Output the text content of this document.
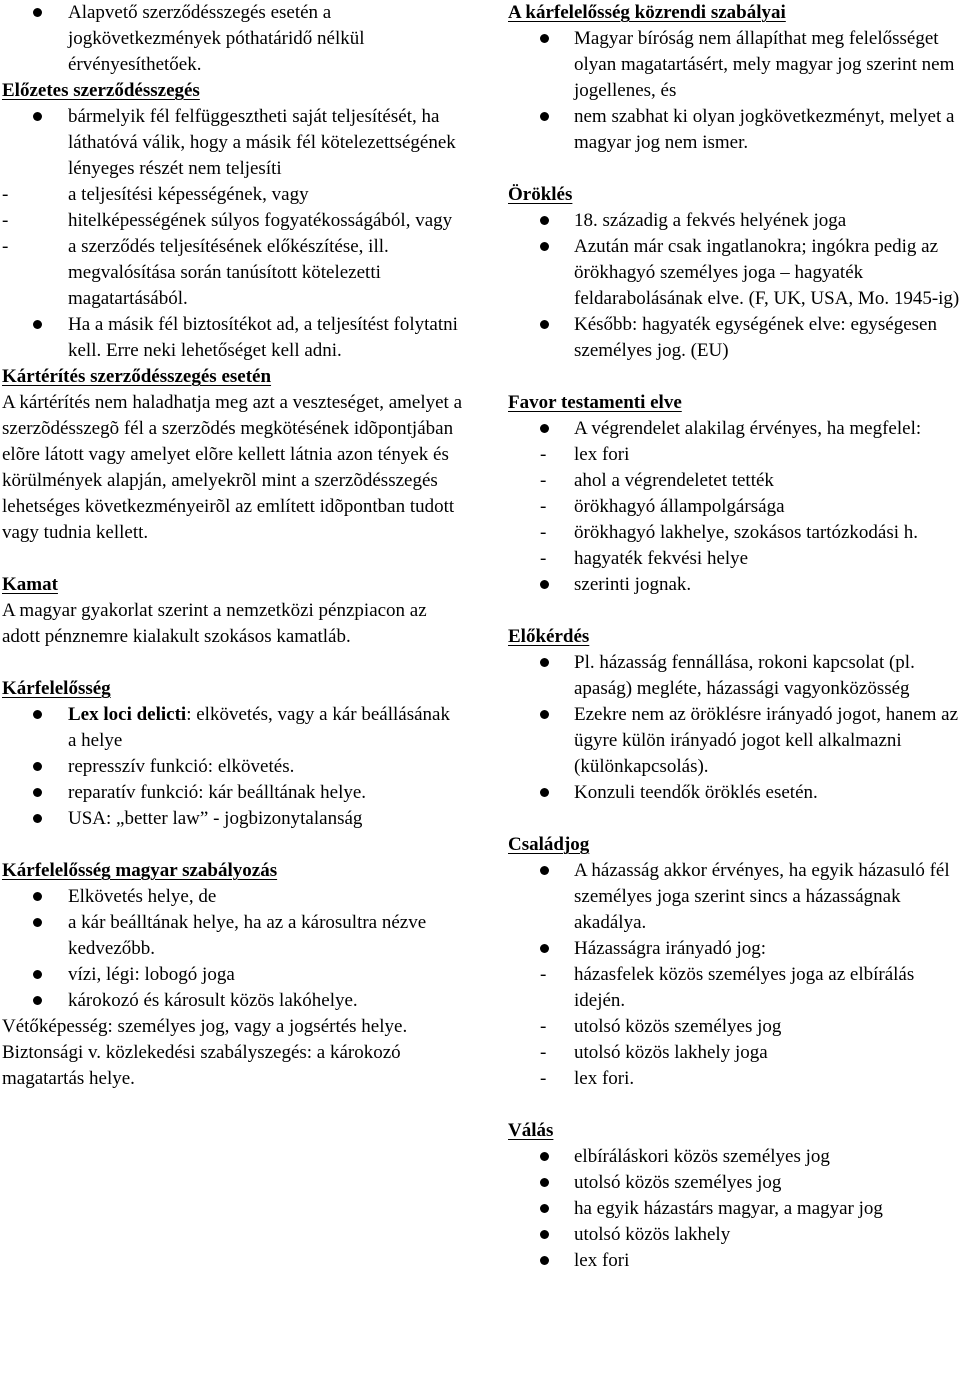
Alapvető szerződésszegés esetén a jogkövetkezmények póthatáridő nélkül érvényesíthetőek.

Előzetes szerződésszegés

bármelyik fél felfüggesztheti saját teljesítését, ha láthatóvá válik, hogy a másik fél kötelezettségének lényeges részét nem teljesíti
- a teljesítési képességének, vagy
- hitelképességének súlyos fogyatékosságából, vagy
- a szerződés teljesítésének előkészítése, ill. megvalósítása során tanúsított kötelezetti magatartásából.
Ha a másik fél biztosítékot ad, a teljesítést folytatni kell. Erre neki lehetőséget kell adni.

Kártérítés szerződésszegés esetén

A kártérítés nem haladhatja meg azt a veszteséget, amelyet a szerzõdésszegõ fél a szerzõdés megkötésének idõpontjában elõre látott vagy amelyet elõre kellett látnia azon tények és körülmények alapján, amelyekrõl mint a szerzõdésszegés lehetséges következményeirõl az említett idõpontban tudott vagy tudnia kellett.

Kamat

A magyar gyakorlat szerint a nemzetközi pénzpiacon az adott pénznemre kialakult szokásos kamatláb.

Kárfelelősség

Lex loci delicti: elkövetés, vagy a kár beállásának a helye
represszív funkció: elkövetés.
reparatív funkció: kár beálltának helye.
USA: „better law” - jogbizonytalanság

Kárfelelősség magyar szabályozás

Elkövetés helye, de
a kár beálltának helye, ha az a károsultra nézve kedvezőbb.
vízi, légi: lobogó joga
károkozó és károsult közös lakóhelye.

Vétőképesség: személyes jog, vagy a jogsértés helye.

Biztonsági v. közlekedési szabályszegés: a károkozó magatartás helye.

A kárfelelősség közrendi szabályai

Magyar bíróság nem állapíthat meg felelősséget olyan magatartásért, mely magyar jog szerint nem jogellenes, és
nem szabhat ki olyan jogkövetkezményt, melyet a magyar jog nem ismer.

Öröklés

18. századig a fekvés helyének joga
Azután már csak ingatlanokra; ingókra pedig az örökhagyó személyes joga – hagyaték feldarabolásának elve. (F, UK, USA, Mo. 1945-ig)
Később: hagyaték egységének elve: egységesen személyes jog. (EU)

Favor testamenti elve

A végrendelet alakilag érvényes, ha megfelel:
- lex fori
- ahol a végrendeletet tették
- örökhagyó állampolgársága
- örökhagyó lakhelye, szokásos tartózkodási h.
- hagyaték fekvési helye
szerinti jognak.

Előkérdés

Pl. házasság fennállása, rokoni kapcsolat (pl. apaság) megléte, házassági vagyonközösség
Ezekre nem az öröklésre irányadó jogot, hanem az ügyre külön irányadó jogot kell alkalmazni (különkapcsolás).
Konzuli teendők öröklés esetén.

Családjog

A házasság akkor érvényes, ha egyik házasuló fél személyes joga szerint sincs a házasságnak akadálya.
Házasságra irányadó jog:
- házasfelek közös személyes joga az elbírálás idején.
- utolsó közös személyes jog
- utolsó közös lakhely joga
- lex fori.

Válás

elbíráláskori közös személyes jog
utolsó közös személyes jog
ha egyik házastárs magyar, a magyar jog
utolsó közös lakhely
lex fori
